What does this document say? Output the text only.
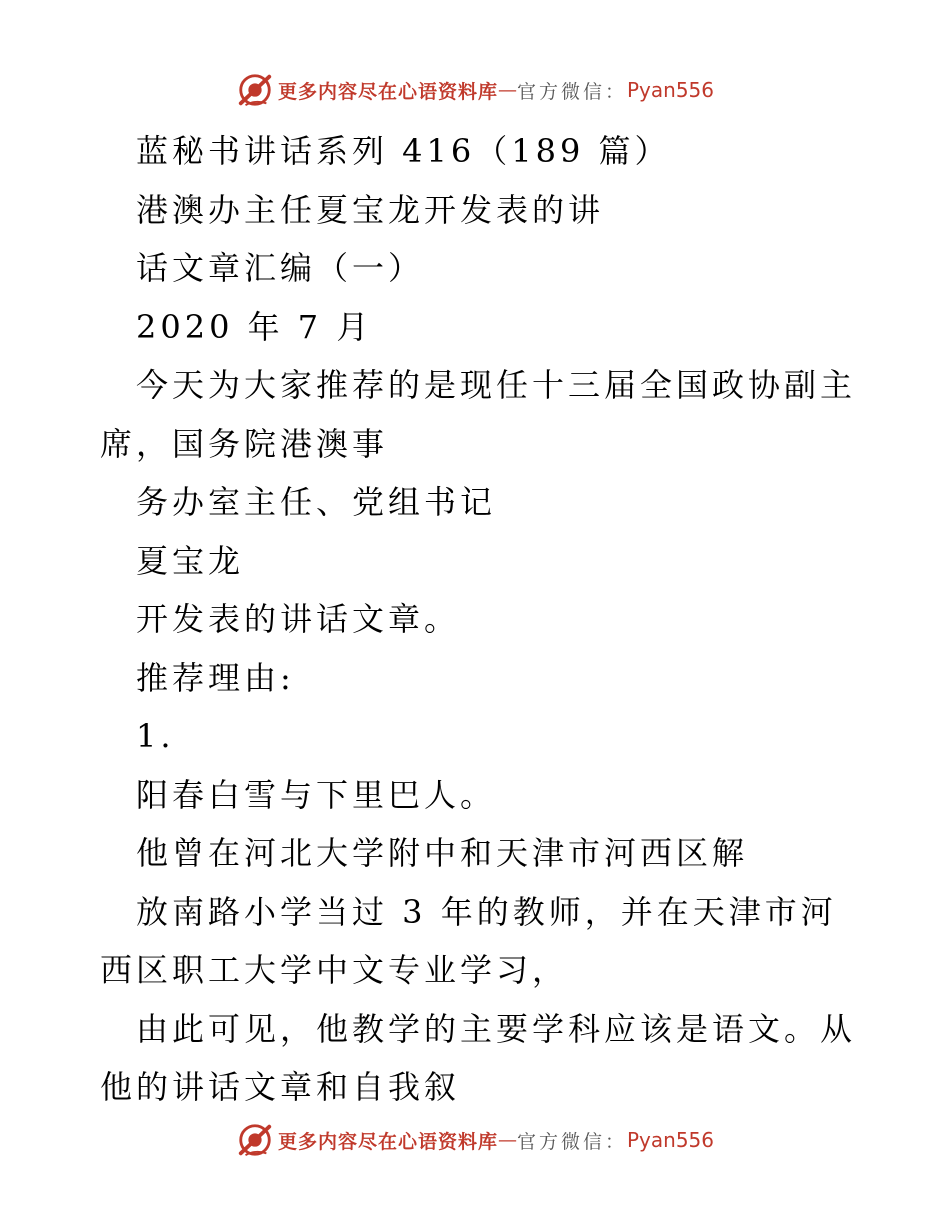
更多内容尽在心语资料库 — 官方微信： Pyan556

蓝秘书讲话系列 416（189 篇）

港澳办主任夏宝龙开发表的讲

话文章汇编（一）

2020 年 7 月

今天为大家推荐的是现任十三届全国政协副主席，国务院港澳事

务办室主任、党组书记

夏宝龙

开发表的讲话文章。

推荐理由:

1.

阳春白雪与下里巴人。

他曾在河北大学附中和天津市河西区解

放南路小学当过 3 年的教师，并在天津市河西区职工大学中文专业学习，

由此可见，他教学的主要学科应该是语文。从他的讲话文章和自我叙

更多内容尽在心语资料库 — 官方微信： Pyan556
